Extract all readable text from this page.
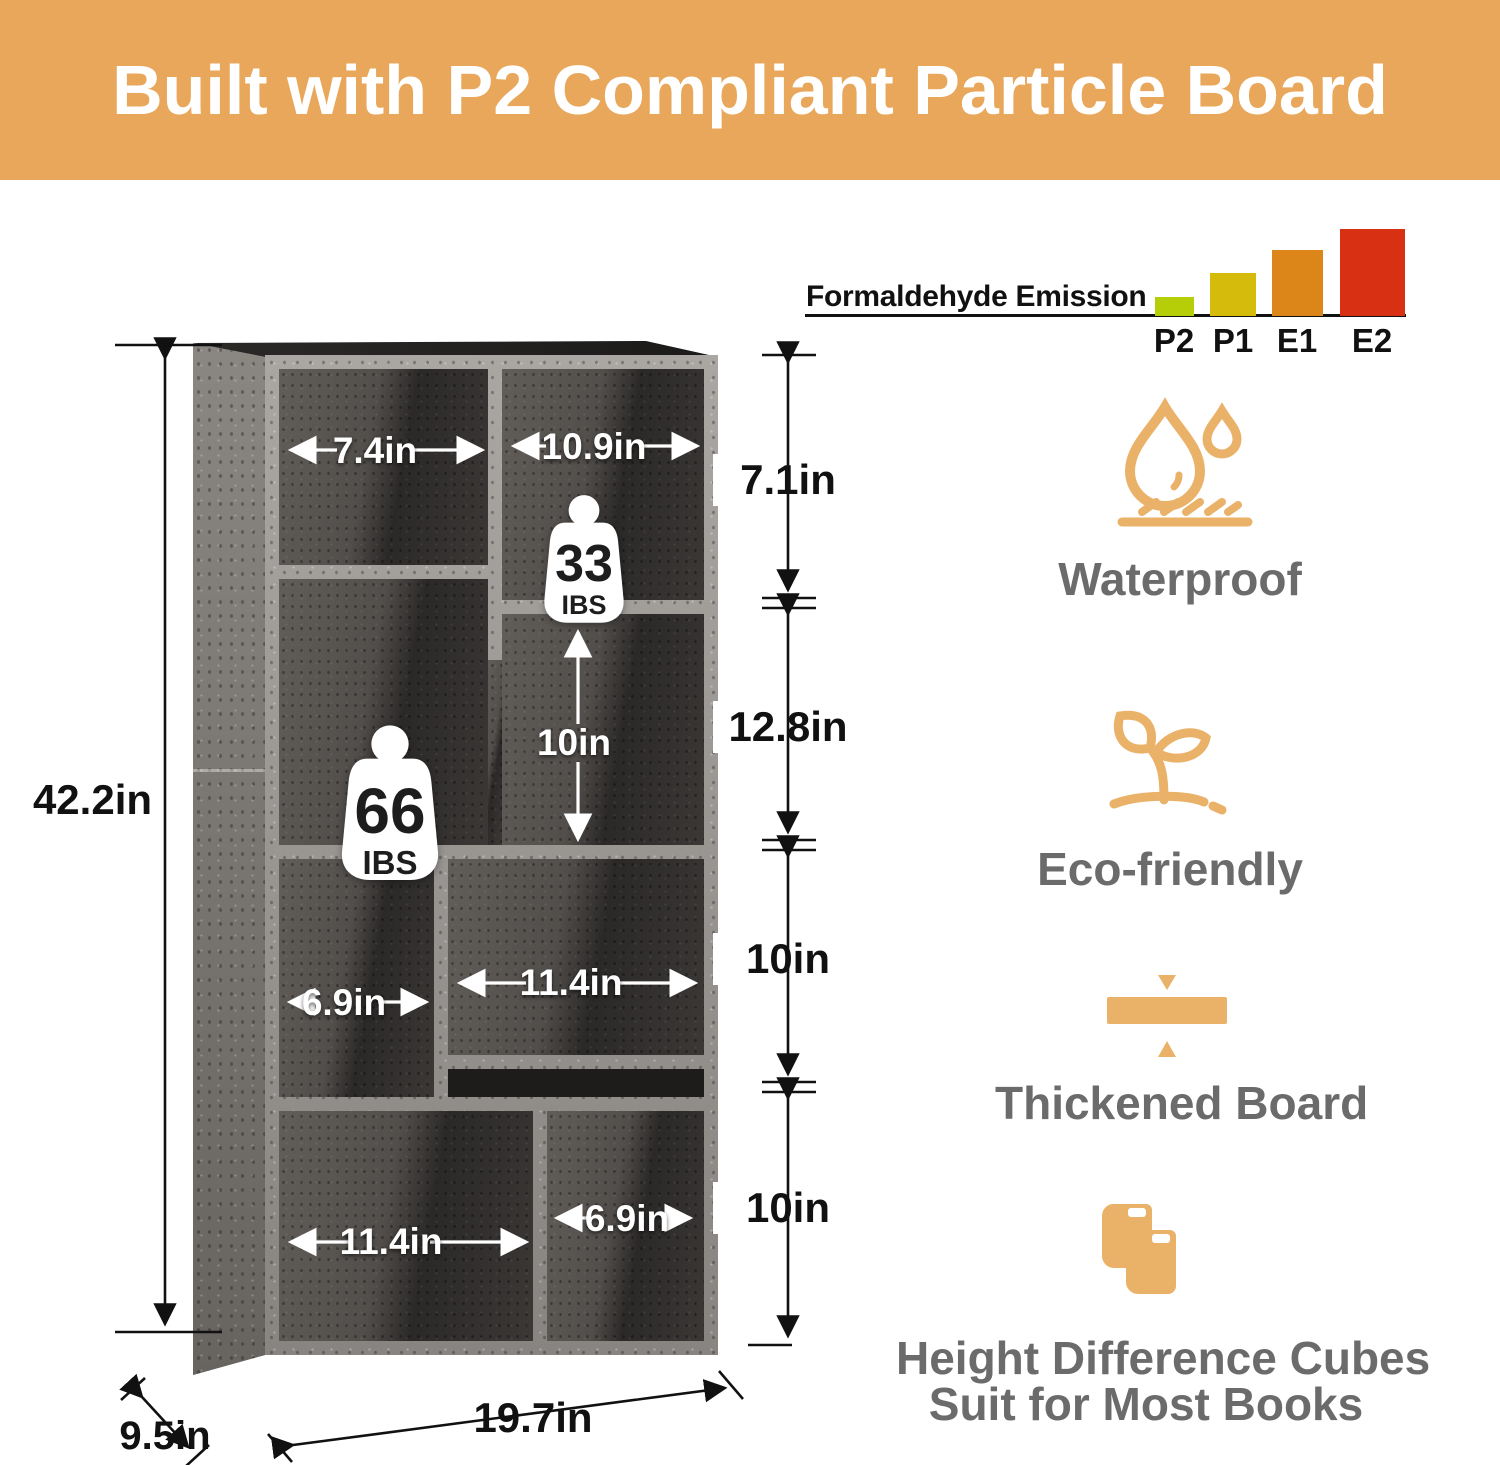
Built with P2 Compliant Particle Board
Formaldehyde Emission
P2 P1 E1	E2
33
IBS
66
IBS
42.2in
7.1in
12.8in
10in
10in
19.7in
9.5in
7.4in	10.9in
10in
6.9in	11.4in
11.4in
6.9in
Waterproof
Eco-friendly
Thickened Board
Height Difference Cubes
Suit for Most Books
